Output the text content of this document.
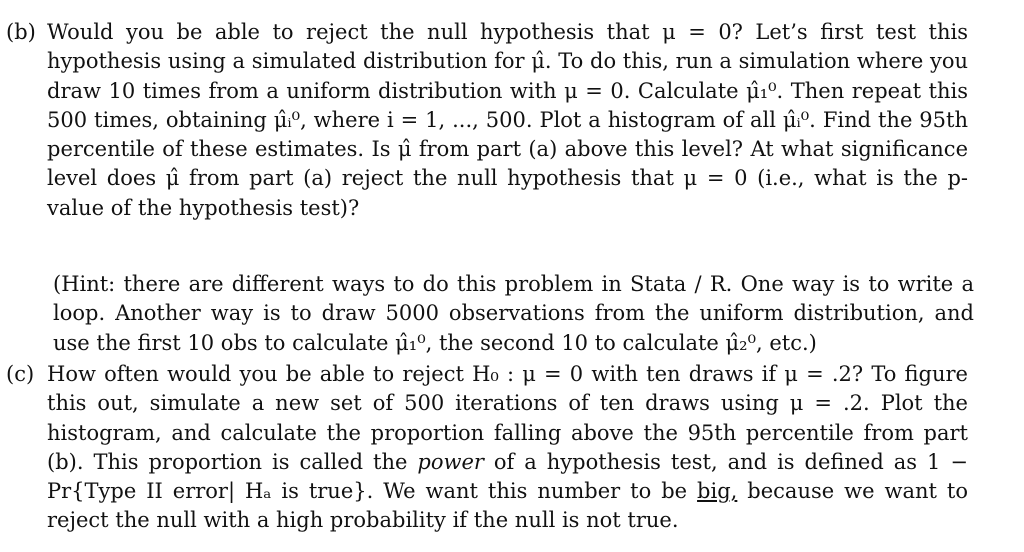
(b) Would you be able to reject the null hypothesis that μ = 0? Let’s first test this hypothesis using a simulated distribution for μ̂. To do this, run a simulation where you draw 10 times from a uniform distribution with μ = 0. Calculate μ̂₁⁰. Then repeat this 500 times, obtaining μ̂ᵢ⁰, where i = 1, ..., 500. Plot a histogram of all μ̂ᵢ⁰. Find the 95th percentile of these estimates. Is μ̂ from part (a) above this level? At what significance level does μ̂ from part (a) reject the null hypothesis that μ = 0 (i.e., what is the p-value of the hypothesis test)?
(Hint: there are different ways to do this problem in Stata / R. One way is to write a loop. Another way is to draw 5000 observations from the uniform distribution, and use the first 10 obs to calculate μ̂₁⁰, the second 10 to calculate μ̂₂⁰, etc.)
(c) How often would you be able to reject H₀ : μ = 0 with ten draws if μ = .2? To figure this out, simulate a new set of 500 iterations of ten draws using μ = .2. Plot the histogram, and calculate the proportion falling above the 95th percentile from part (b). This proportion is called the power of a hypothesis test, and is defined as 1 − Pr{Type II error| Hₐ is true}. We want this number to be big, because we want to reject the null with a high probability if the null is not true.
